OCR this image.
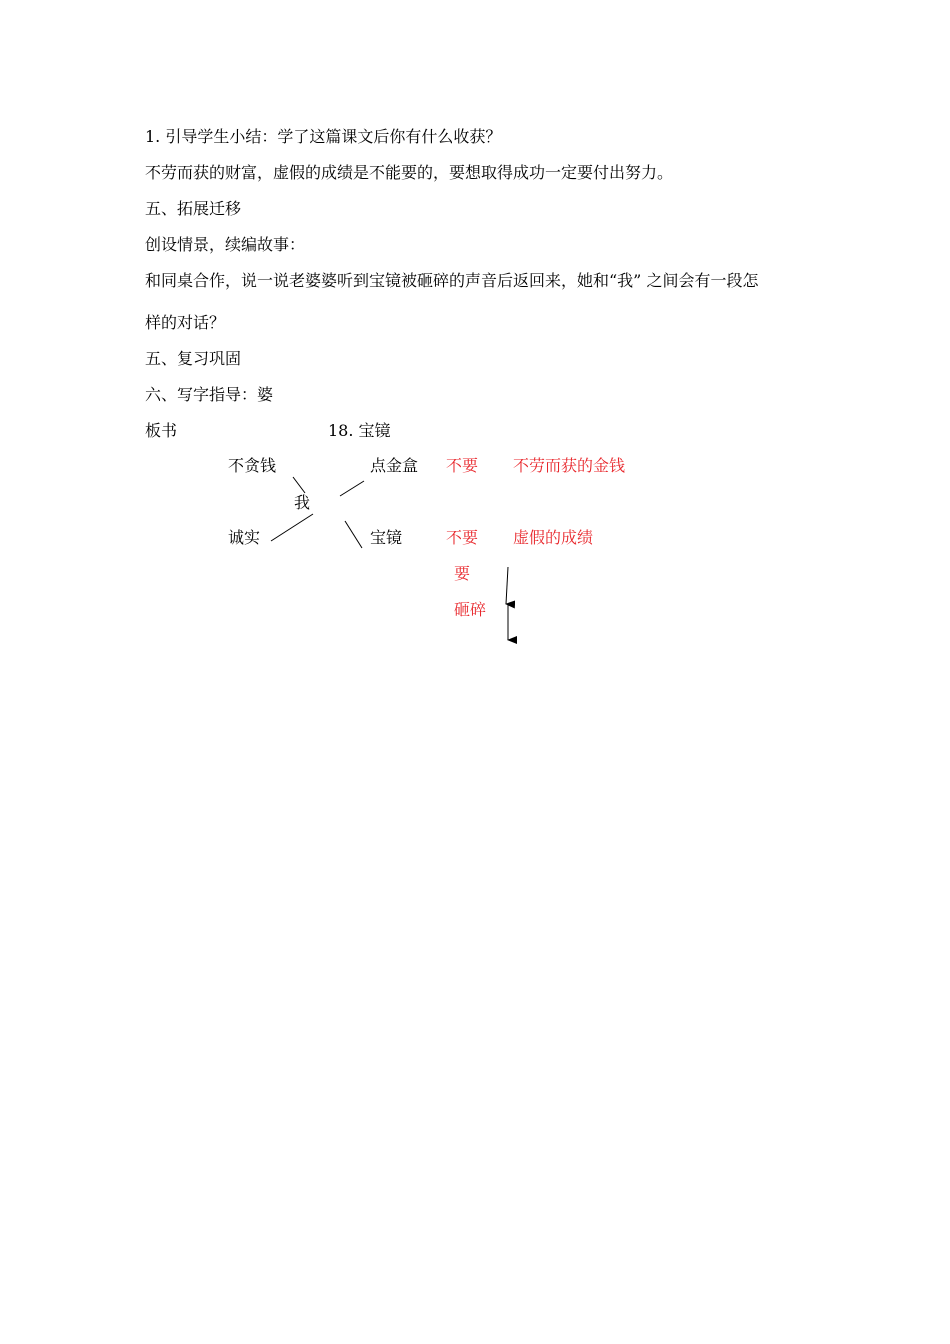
1. 引导学生小结：学了这篇课文后你有什么收获？
不劳而获的财富，虚假的成绩是不能要的，要想取得成功一定要付出努力。
五、拓展迁移
创设情景，续编故事：
和同桌合作，说一说老婆婆听到宝镜被砸碎的声音后返回来，她和“我” 之间会有一段怎
样的对话？
五、复习巩固
六、写字指导：婆
板书	18. 宝镜
不贪钱
我
诚实
点金盒
宝镜
不要 不劳而获的金钱
不要 虚假的成绩
要
砸碎
